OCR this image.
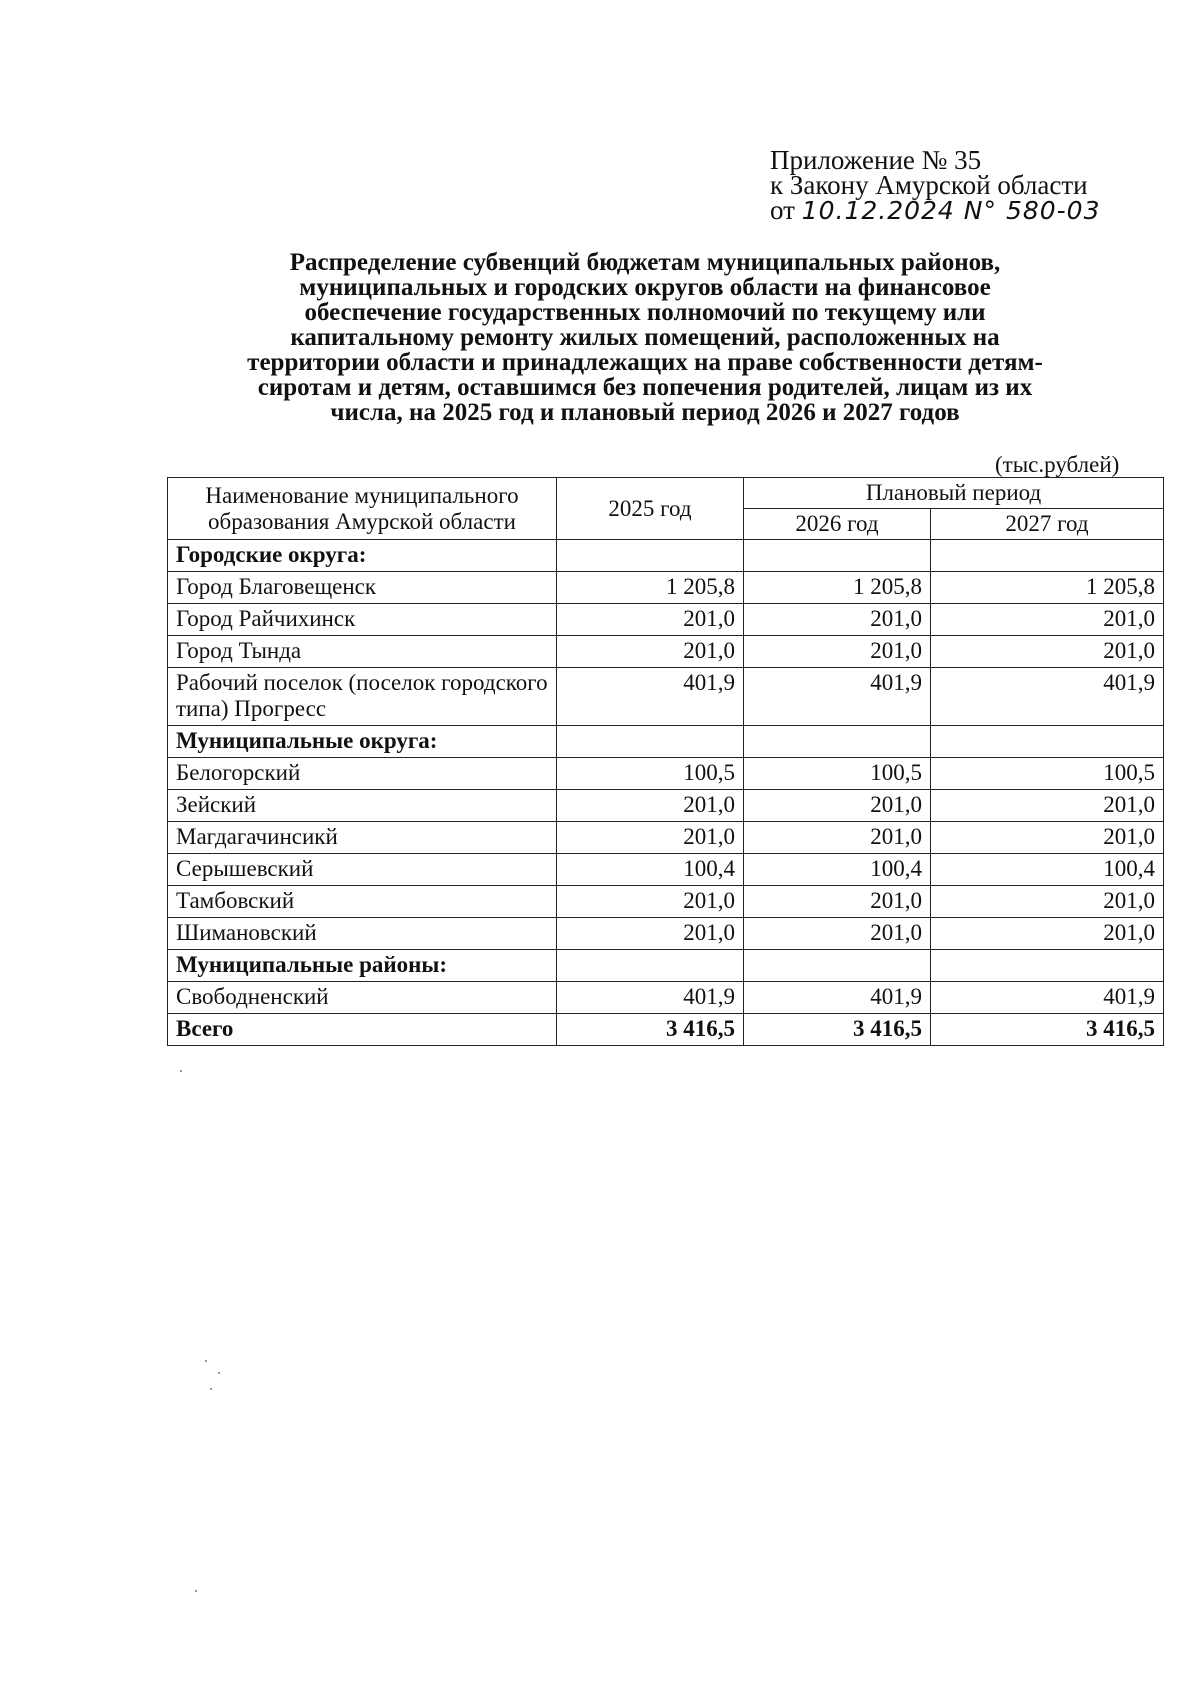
Приложение № 35
к Закону Амурской области
от 10.12.2024 N° 580-03
Распределение субвенций бюджетам муниципальных районов,
муниципальных и городских округов области на финансовое
обеспечение государственных полномочий по текущему или
капитальному ремонту жилых помещений, расположенных на
территории области и принадлежащих на праве собственности детям-
сиротам и детям, оставшимся без попечения родителей, лицам из их
числа, на 2025 год и плановый период 2026 и 2027 годов
(тыс.рублей)
Наименование муниципального образования Амурской области	2025 год	Плановый период	
		2026 год	2027 год
Городские округа:			
Город Благовещенск	1 205,8	1 205,8	1 205,8
Город Райчихинск	201,0	201,0	201,0
Город Тында	201,0	201,0	201,0
Рабочий поселок (поселок городского типа) Прогресс	401,9	401,9	401,9
Муниципальные округа:			
Белогорский	100,5	100,5	100,5
Зейский	201,0	201,0	201,0
Магдагачинсикй	201,0	201,0	201,0
Серышевский	100,4	100,4	100,4
Тамбовский	201,0	201,0	201,0
Шимановский	201,0	201,0	201,0
Муниципальные районы:			
Свободненский	401,9	401,9	401,9
Всего	3 416,5	3 416,5	3 416,5
